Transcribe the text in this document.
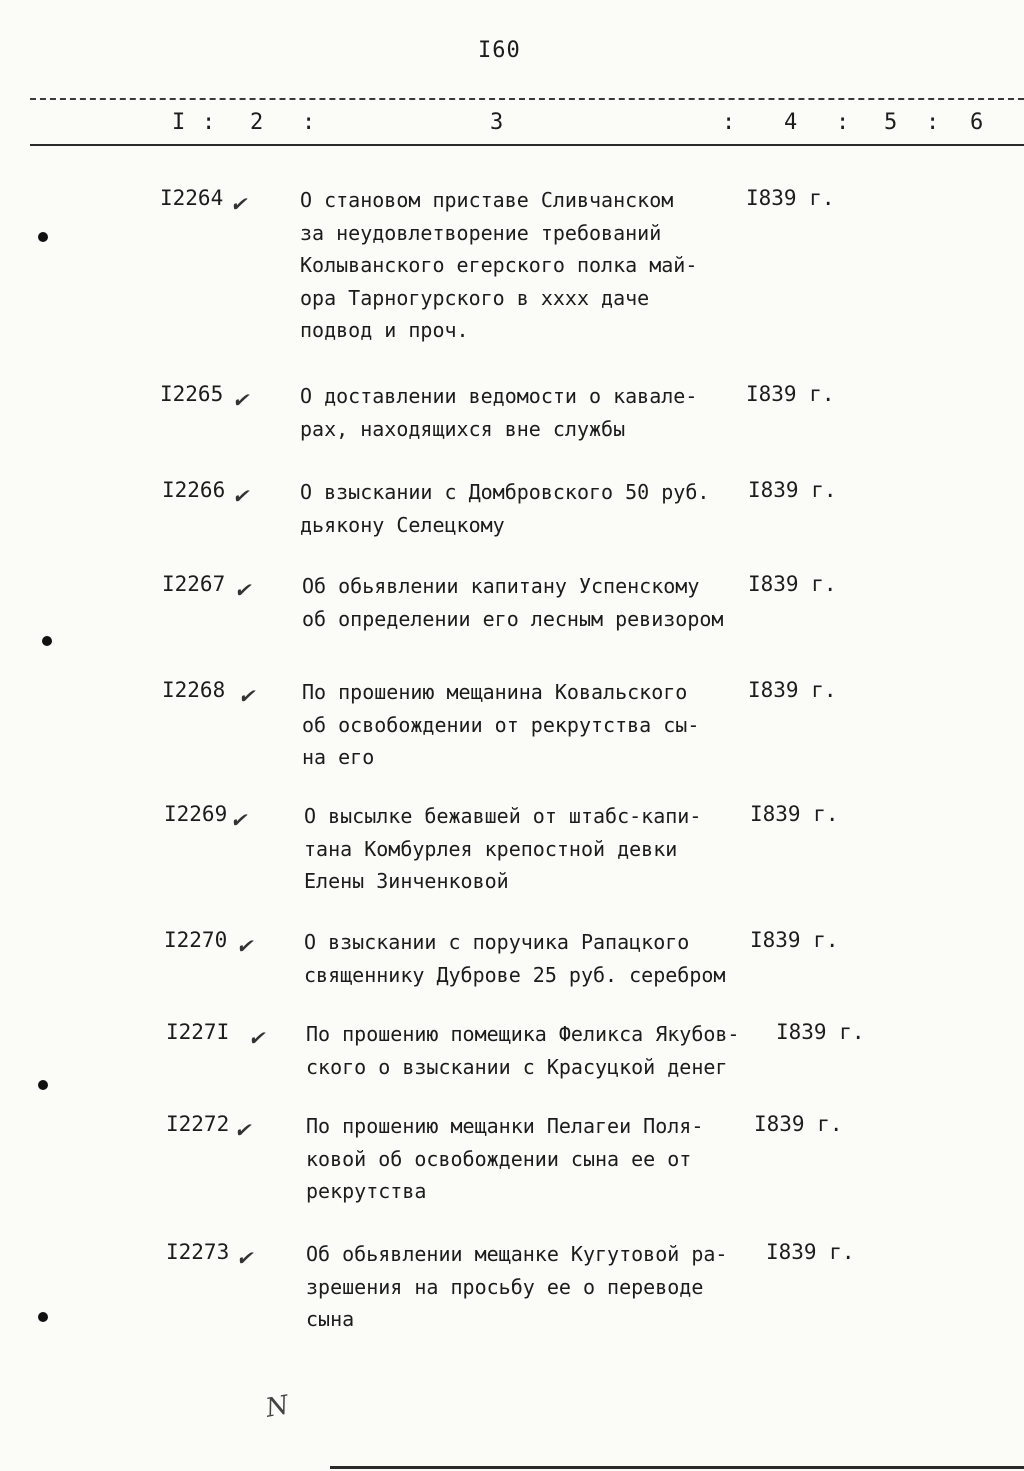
I60
I : 2 :	3	: 4 : 5 : 6
I2264 ✔	О становом приставе Сливчанском
за неудовлетворение требований
Колыванского егерского полка май-
ора Тарногурского в xxxx даче
подвод и проч.
I839 г.
I2265 ✔	О доставлении ведомости о кавале-
рах, находящихся вне службы
I839 г.
I2266 ✔	О взыскании с Домбровского 50 руб.
дьякону Селецкому
I839 г.
I2267 ✔	Об обьявлении капитану Успенскому
об определении его лесным ревизором
I839 г.
I2268 ✔ По прошению мещанина Ковальского
об освобождении от рекрутства сы-
на его
I839 г.
I2269 ✔	О высылке бежавшей от штабс-капи-
тана Комбурлея крепостной девки
Елены Зинченковой
I839 г.
I2270 ✔	О взыскании с поручика Рапацкого
священнику Дуброве 25 руб. серебром
I839 г.
I227I ✔ По прошению помещика Феликса Якубов-
ского о взыскании с Красуцкой денег
I839 г.
I2272 ✔	По прошению мещанки Пелагеи Поля-
ковой об освобождении сына ее от
рекрутства
I839 г.
I2273 ✔	Об обьявлении мещанке Кугутовой ра-
зрешения на просьбу ее о переводе
сына
I839 г.
N
